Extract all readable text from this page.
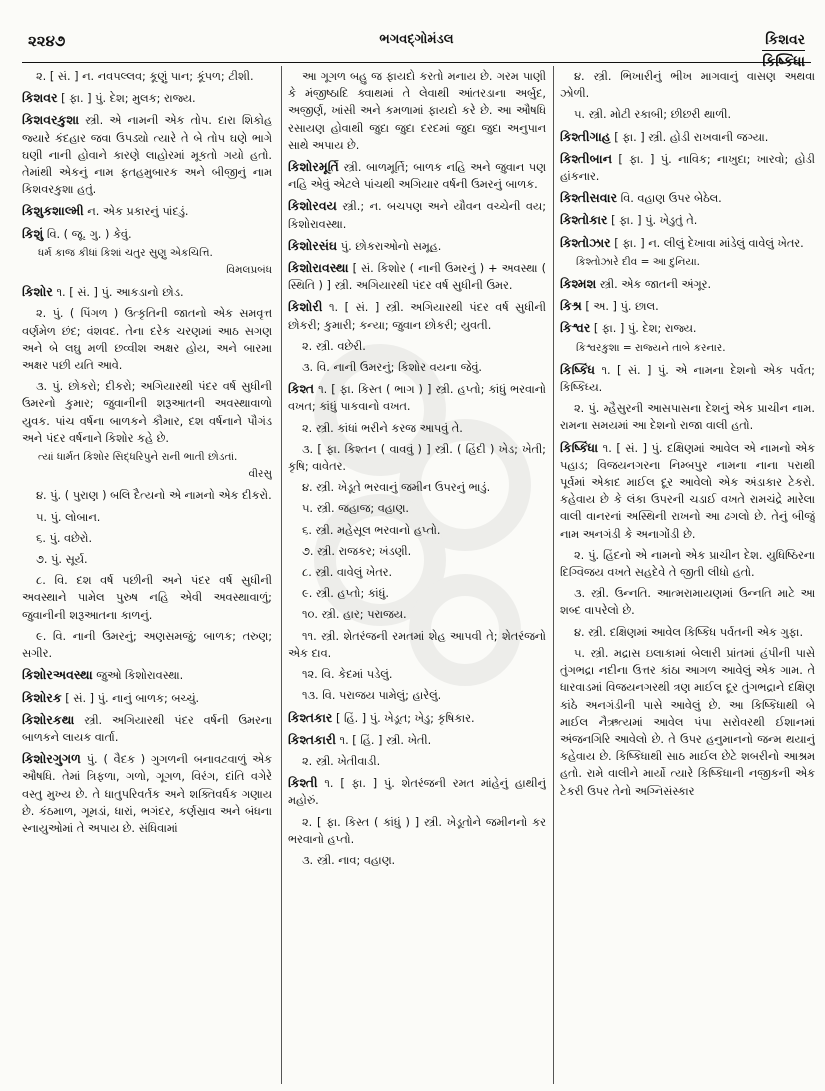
૨૨૪૭	ભગવદ્ગોમંડલ	કિશવર
કિષ્કિંધા

૨. [ સં. ] ન. નવપલ્લવ; કૂણું પાન; કૂંપળ; ટીશી.

કિશવર [ ફા. ] પું. દેશ; મુલક; રાજ્ય.

કિશવરકુશા સ્ત્રી. એ નામની એક તોપ. દારા શિકોહ જ્યારે કંદહાર જવા ઉપડ્યો ત્યારે તે બે તોપ ઘણે ભાગે ઘણી નાની હોવાને કારણે લાહોરમાં મૂકતો ગયો હતો. તેમાંથી એકનું નામ ફતહમુબારક અને બીજીનું નામ કિશવરકુશા હતું.

કિશુકશાલ્મી ન. એક પ્રકારનું પાંદડું.

કિશું વિ. ( જૂ. ગુ. ) કેવું.

ધર્મ કાજ કીધાં કિશાં ચતુર સુણુ એકચિત્તિ.
વિમલપ્રબંધ

કિશોર ૧. [ સં. ] પું. આકડાનો છોડ.

૨. પું. ( પિંગળ ) ઉત્કૃતિની જાતનો એક સમવૃત્ત વર્ણમેળ છંદ; વંશવદ. તેના દરેક ચરણમાં આઠ સગણ અને બે લઘુ મળી છવ્વીશ અક્ષર હોય, અને બારમા અક્ષર પછી યતિ આવે.

૩. પું. છોકરો; દીકરો; અગિયારથી પંદર વર્ષ સુધીની ઉમરનો કુમાર; જુવાનીની શરૂઆતની અવસ્થાવાળો યુવક. પાંચ વર્ષના બાળકને કૌમાર, દશ વર્ષનાને પૌગંડ અને પંદર વર્ષનાને કિશોર કહે છે.

ત્યાં ધાર્મત કિશોર સિદ્ધરિપુને રાની ભાતી છોડતાં.
વીરસુ

૪. પું. ( પુરાણ ) બલિ દૈત્યનો એ નામનો એક દીકરો.

૫. પું. લોબાન.

૬. પું. વછેરો.

૭. પું. સૂર્ય.

૮. વિ. દશ વર્ષ પછીની અને પંદર વર્ષ સુધીની અવસ્થાને પામેલ પુરુષ નહિ એવી અવસ્થાવાળું; જુવાનીની શરૂઆતના કાળનું.

૯. વિ. નાની ઉમરનું; અણસમજું; બાળક; તરુણ; સગીર.

કિશોરઅવસ્થા જુઓ કિશોરાવસ્થા.

કિશોરક [ સં. ] પું. નાનું બાળક; બચ્ચું.

કિશોરકથા સ્ત્રી. અગિયારથી પંદર વર્ષની ઉમરના બાળકને લાયક વાર્તા.

કિશોરગુગળ પું. ( વૈદક ) ગુગળની બનાવટવાળું એક ઔષધિ. તેમાં ત્રિફળા, ગળો, ગૂગળ, વિરંગ, દાંતિ વગેરે વસ્તુ મુખ્ય છે. તે ધાતુપરિવર્તક અને શક્તિવર્ધક ગણાય છે. કંઠમાળ, ગૂમડાં, ધારાં, ભગંદર, કર્ણસ્રાવ અને બંધના સ્નાયુઓમાં તે અપાય છે. સંધિવામાં

આ ગૂગળ બહુ જ ફાયદો કરતો મનાય છે. ગરમ પાણી કે મંજીષ્ઠાદિ ક્વાથમાં તે લેવાથી આંતરડાના અર્બુદ, અજીર્ણ, ખાંસી અને કમળામાં ફાયદો કરે છે. આ ઔષધિ રસાયણ હોવાથી જુદા જુદા દરદમાં જુદા જુદા અનુપાન સાથે અપાય છે.

કિશોરમૂર્તિ સ્ત્રી. બાળમૂર્તિ; બાળક નહિ અને જુવાન પણ નહિ એવું એટલે પાંચથી અગિયાર વર્ષની ઉમરનું બાળક.

કિશોરવય સ્ત્રી.; ન. બચપણ અને યૌવન વચ્ચેની વય; કિશોરાવસ્થા.

કિશોરસંઘ પું. છોકરાઓનો સમૂહ.

કિશોરાવસ્થા [ સં. કિશોર ( નાની ઉમરનું ) + અવસ્થા ( સ્થિતિ ) ] સ્ત્રી. અગિયારથી પંદર વર્ષ સુધીની ઉમર.

કિશોરી ૧. [ સં. ] સ્ત્રી. અગિયારથી પંદર વર્ષ સુધીની છોકરી; કુમારી; કન્યા; જુવાન છોકરી; યુવતી.

૨. સ્ત્રી. વછેરી.

૩. વિ. નાની ઉમરનું; કિશોર વયના જેવું.

કિશ્ત ૧. [ ફા. કિસ્ત ( ભાગ ) ] સ્ત્રી. હપ્તો; કાંધું ભરવાનો વખત; કાંધું પાકવાનો વખત.

૨. સ્ત્રી. કાંધાં ભરીને કરજ આપવું તે.

૩. [ ફા. કિશ્તન ( વાવવું ) ] સ્ત્રી. ( હિંદી ) ખેડ; ખેતી; કૃષિ; વાવેતર.

૪. સ્ત્રી. ખેડૂતે ભરવાનું જમીન ઉપરનું ભાડું.

૫. સ્ત્રી. જહાજ; વહાણ.

૬. સ્ત્રી. મહેસૂલ ભરવાનો હપ્તો.

૭. સ્ત્રી. રાજકર; ખંડણી.

૮. સ્ત્રી. વાવેલું ખેતર.

૯. સ્ત્રી. હપ્તો; કાંધું.

૧૦. સ્ત્રી. હાર; પરાજય.

૧૧. સ્ત્રી. શેતરંજની રમતમાં શેહ આપવી તે; શેતરંજનો એક દાવ.

૧૨. વિ. કેદમાં પડેલું.

૧૩. વિ. પરાજય પામેલું; હારેલું.

કિશ્તકાર [ હિં. ] પું. ખેડૂત; ખેડુ; કૃષિકાર.

કિશ્તકારી ૧. [ હિં. ] સ્ત્રી. ખેતી.

૨. સ્ત્રી. ખેતીવાડી.

કિશ્તી ૧. [ ફા. ] પું. શેતરંજની રમત માંહેનું હાથીનું મહોરું.

૨. [ ફા. કિસ્ત ( કાંધું ) ] સ્ત્રી. ખેડૂતોને જમીનનો કર ભરવાનો હપ્તો.

૩. સ્ત્રી. નાવ; વહાણ.

૪. સ્ત્રી. ભિખારીનું ભીખ માગવાનું વાસણ અથવા ઝોળી.

૫. સ્ત્રી. મોટી રકાબી; છીછરી થાળી.

કિશ્તીગાહ [ ફા. ] સ્ત્રી. હોડી રાખવાની જગ્યા.

કિશ્તીબાન [ ફા. ] પું. નાવિક; નાખુદા; ખારવો; હોડી હાંકનાર.

કિશ્તીસવાર વિ. વહાણ ઉપર બેઠેલ.

કિશ્તોકાર [ ફા. ] પું. ખેડુતું તે.

કિશ્તોઝાર [ ફા. ] ન. લીલું દેખાવા માંડેલું વાવેલું ખેતર.

કિશ્તોઝારે દીવ = આ દુનિયા.

કિશ્મશ સ્ત્રી. એક જાતની અંગૂર.

કિશ્ર [ અ. ] પું. છાલ.

કિશ્વર [ ફા. ] પું. દેશ; રાજ્ય.

કિશ્વરકુશા = રાજ્યને તાબે કરનાર.

કિષ્કિંધ ૧. [ સં. ] પું. એ નામના દેશનો એક પર્વત; કિષ્કિંધ્ય.

૨. પું. મ્હૈસુરની આસપાસના દેશનું એક પ્રાચીન નામ. રામના સમયમાં આ દેશનો રાજા વાલી હતો.

કિષ્કિંધા ૧. [ સં. ] પું. દક્ષિણમાં આવેલ એ નામનો એક પહાડ; વિજયનગરના નિમ્બપુર નામના નાના પરાથી પૂર્વમાં એકાદ માઈલ દૂર આવેલો એક અંડાકાર ટેકરો. કહેવાય છે કે લંકા ઉપરની ચડાઈ વખતે રામચંદ્રે મારેલા વાલી વાનરનાં અસ્થિની રાખનો આ ઢગલો છે. તેનું બીજું નામ અનગંડી કે અનાગોંડી છે.

૨. પું. હિંદનો એ નામનો એક પ્રાચીન દેશ. યુધિષ્ઠિરના દિગ્વિજય વખતે સહદેવે તે જીતી લીધો હતો.

૩. સ્ત્રી. ઉન્નતિ. આત્મરામાયણમાં ઉન્નતિ માટે આ શબ્દ વાપરેલો છે.

૪. સ્ત્રી. દક્ષિણમાં આવેલ કિષ્કિંધ પર્વતની એક ગુફા.

૫. સ્ત્રી. મદ્રાસ ઇલાકામાં બેલારી પ્રાંતમાં હંપીની પાસે તુંગભદ્રા નદીના ઉત્તર કાંઠા આગળ આવેલું એક ગામ. તે ધારવાડમાં વિજયનગરથી ત્રણ માઈલ દૂર તુંગભદ્રાને દક્ષિણ કાંઠે અનગંડીની પાસે આવેલું છે. આ કિષ્કિંધાથી બે માઈલ નૈઋત્યમાં આવેલ પંપા સરોવરથી ઈશાનમાં અંજનગિરિ આવેલો છે. તે ઉપર હનુમાનનો જન્મ થયાનું કહેવાય છે. કિષ્કિંધાથી સાઠ માઈલ છેટે શબરીનો આશ્રમ હતો. રામે વાલીને માર્યો ત્યારે કિષ્કિંધાની નજીકની એક ટેકરી ઉપર તેનો અગ્નિસંસ્કાર
